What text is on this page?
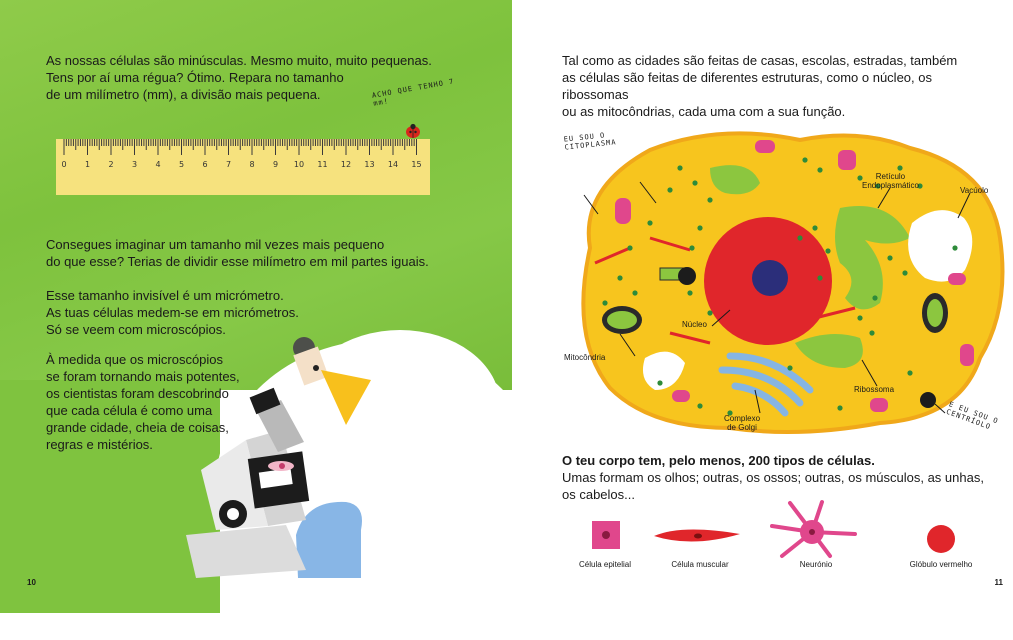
As nossas células são minúsculas. Mesmo muito, muito pequenas.
Tens por aí uma régua? Ótimo. Repara no tamanho
de um milímetro (mm), a divisão mais pequena.
0 1 2 3 4 5 6 7 8 9 10 11 12 13 14 15
ACHO QUE TENHO 7 mm!
Consegues imaginar um tamanho mil vezes mais pequeno
do que esse? Terias de dividir esse milímetro em mil partes iguais.
Esse tamanho invisível é um micrómetro.
As tuas células medem-se em micrómetros.
Só se veem com microscópios.
À medida que os microscópios
se foram tornando mais potentes,
os cientistas foram descobrindo
que cada célula é como uma
grande cidade, cheia de coisas,
regras e mistérios.
10
Tal como as cidades são feitas de casas, escolas, estradas, também
as células são feitas de diferentes estruturas, como o núcleo, os ribossomas
ou as mitocôndrias, cada uma com a sua função.
EU SOU O CITOPLASMA
Retículo
Endoplasmático
Vacúolo
Núcleo
Mitocôndria
Ribossoma
Complexo
de Golgi
E EU SOU O CENTRÍOLO
O teu corpo tem, pelo menos, 200 tipos de células.
Umas formam os olhos; outras, os ossos; outras, os músculos, as unhas,
os cabelos...
Célula epitelial	Célula muscular	Neurónio	Glóbulo vermelho
11
